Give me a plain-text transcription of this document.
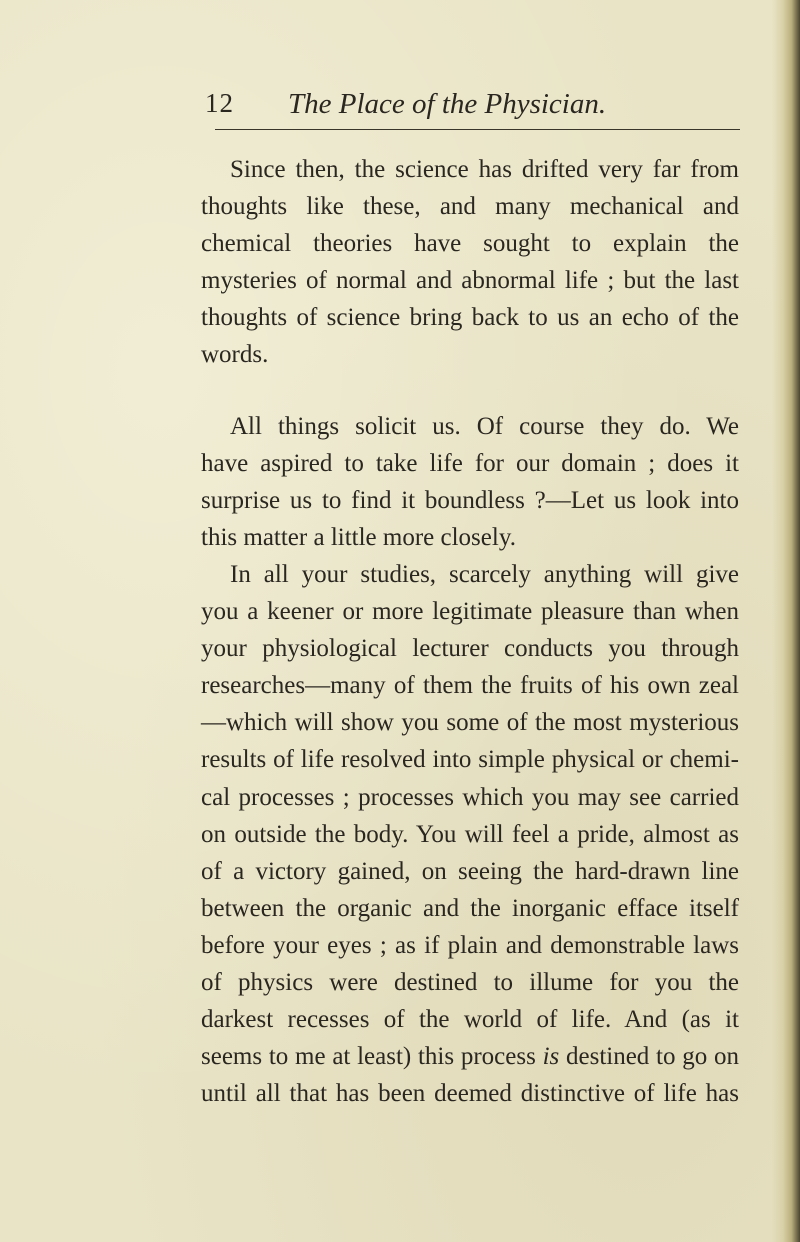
12 The Place of the Physician.

Since then, the science has drifted very far from

thoughts like these, and many mechanical and

chemical theories have sought to explain the

mysteries of normal and abnormal life ; but the last

thoughts of science bring back to us an echo of the

words.

All things solicit us. Of course they do. We

have aspired to take life for our domain ; does it

surprise us to find it boundless ?—Let us look into

this matter a little more closely.

In all your studies, scarcely anything will give

you a keener or more legitimate pleasure than when

your physiological lecturer conducts you through

researches—many of them the fruits of his own zeal

—which will show you some of the most mysterious

results of life resolved into simple physical or chemi-

cal processes ; processes which you may see carried

on outside the body. You will feel a pride, almost as

of a victory gained, on seeing the hard-drawn line

between the organic and the inorganic efface itself

before your eyes ; as if plain and demonstrable laws

of physics were destined to illume for you the

darkest recesses of the world of life. And (as it

seems to me at least) this process is destined to go on

until all that has been deemed distinctive of life has
